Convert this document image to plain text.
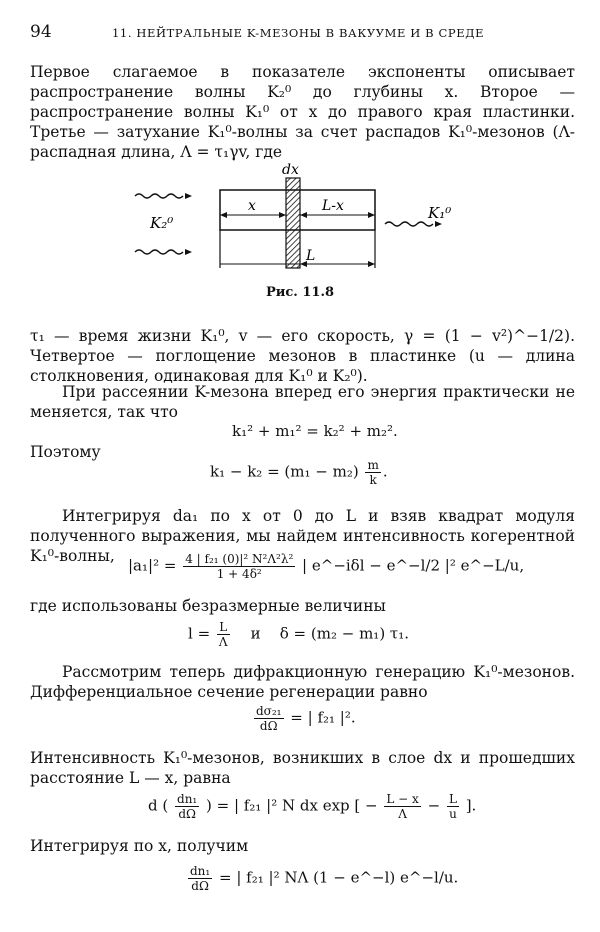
94	11. НЕЙТРАЛЬНЫЕ K-МЕЗОНЫ В ВАКУУМЕ И В СРЕДЕ

Первое слагаемое в показателе экспоненты описывает распространение волны K₂⁰ до глубины x. Второе — распространение волны K₁⁰ от x до правого края пластинки. Третье — затухание K₁⁰-волны за счет распадов K₁⁰-мезонов (Λ-распадная длина, Λ = τ₁γv, где

dx
K₂⁰
K₁⁰
x	L-x
L
Рис. 11.8

τ₁ — время жизни K₁⁰, v — его скорость, γ = (1 − v²)^−1/2). Четвертое — поглощение мезонов в пластинке (u — длина столкновения, одинаковая для K₁⁰ и K₂⁰).

При рассеянии K-мезона вперед его энергия практически не меняется, так что

k₁² + m₁² = k₂² + m₂².

Поэтому

$k_1 - k_2 = (m_1 - m_2) \frac{m}{k}$ .

Интегрируя da₁ по x от 0 до L и взяв квадрат модуля полученного выражения, мы найдем интенсивность когерентной K₁⁰-волны,

$|a_1|^2 = \frac{\text{4 | f₂₁ (0)|² N²Λ²λ²}}{\text{1 + 4δ²}}$ | e^−iδl − e^−l/2 |² e^−L/u,

где использованы безразмерные величины

$l = \frac{L}{\Lambda}$ и δ = (m₂ − m₁) τ₁.

Рассмотрим теперь дифракционную генерацию K₁⁰-мезонов. Дифференциальное сечение регенерации равно

$\frac{\text{dσ₂₁}}{d\Omega}$ = | f₂₁ |².

Интенсивность K₁⁰-мезонов, возникших в слое dx и прошедших расстояние L — x, равна

d ( $\frac{\text{dn₁}}{d\Omega}$ ) = | f₂₁ |² N dx exp [ − $\frac{L - x}{\Lambda} - \frac{L}{u}$ ].

Интегрируя по x, получим

$\frac{\text{dn₁}}{d\Omega}$ = | f₂₁ |² NΛ (1 − e^−l) e^−l/u.
